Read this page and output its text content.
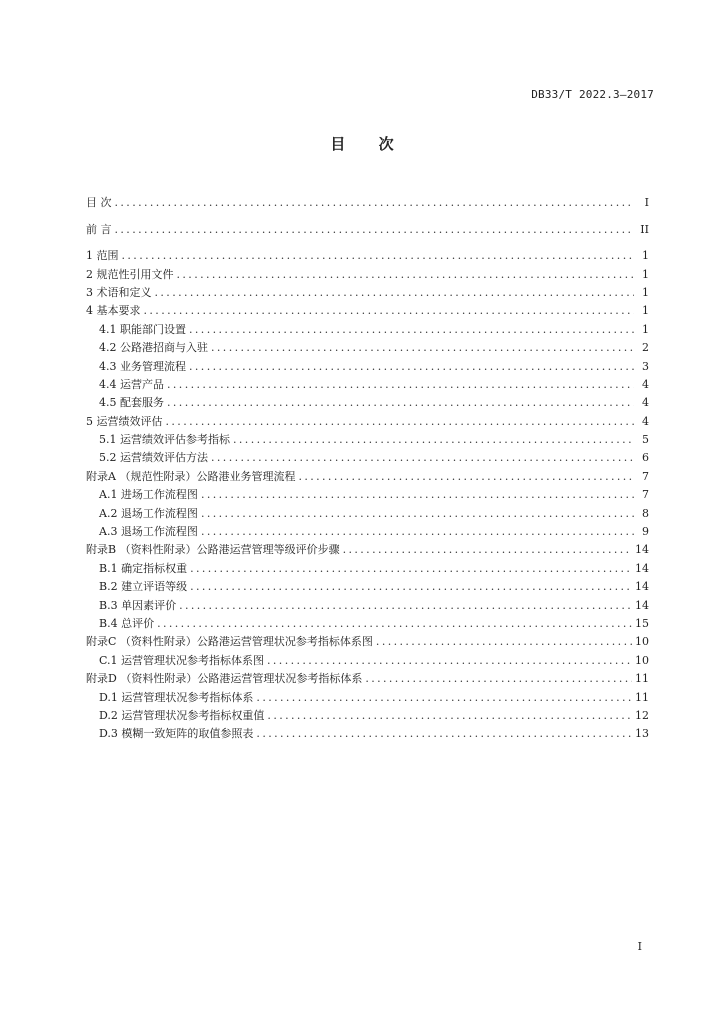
DB33/T 2022.3—2017
目 次
目 次 .....	I
前 言 .....	II
1 范围 .....	1
2 规范性引用文件 .....	1
3 术语和定义 .....	1
4 基本要求 .....	1
4.1 职能部门设置 .....	1
4.2 公路港招商与入驻 .....	2
4.3 业务管理流程 .....	3
4.4 运营产品 .....	4
4.5 配套服务 .....	4
5 运营绩效评估 .....	4
5.1 运营绩效评估参考指标 .....	5
5.2 运营绩效评估方法 .....	6
附录A （规范性附录）公路港业务管理流程 .....	7
A.1 进场工作流程图 .....	7
A.2 退场工作流程图 .....	8
A.3 退场工作流程图 .....	9
附录B （资料性附录）公路港运营管理等级评价步骤 .....	14
B.1 确定指标权重 .....	14
B.2 建立评语等级 .....	14
B.3 单因素评价 .....	14
B.4 总评价 .....	15
附录C （资料性附录）公路港运营管理状况参考指标体系图 .....	10
C.1 运营管理状况参考指标体系图 .....	10
附录D （资料性附录）公路港运营管理状况参考指标体系 .....	11
D.1 运营管理状况参考指标体系 .....	11
D.2 运营管理状况参考指标权重值 .....	12
D.3 模糊一致矩阵的取值参照表 .....	13
I
